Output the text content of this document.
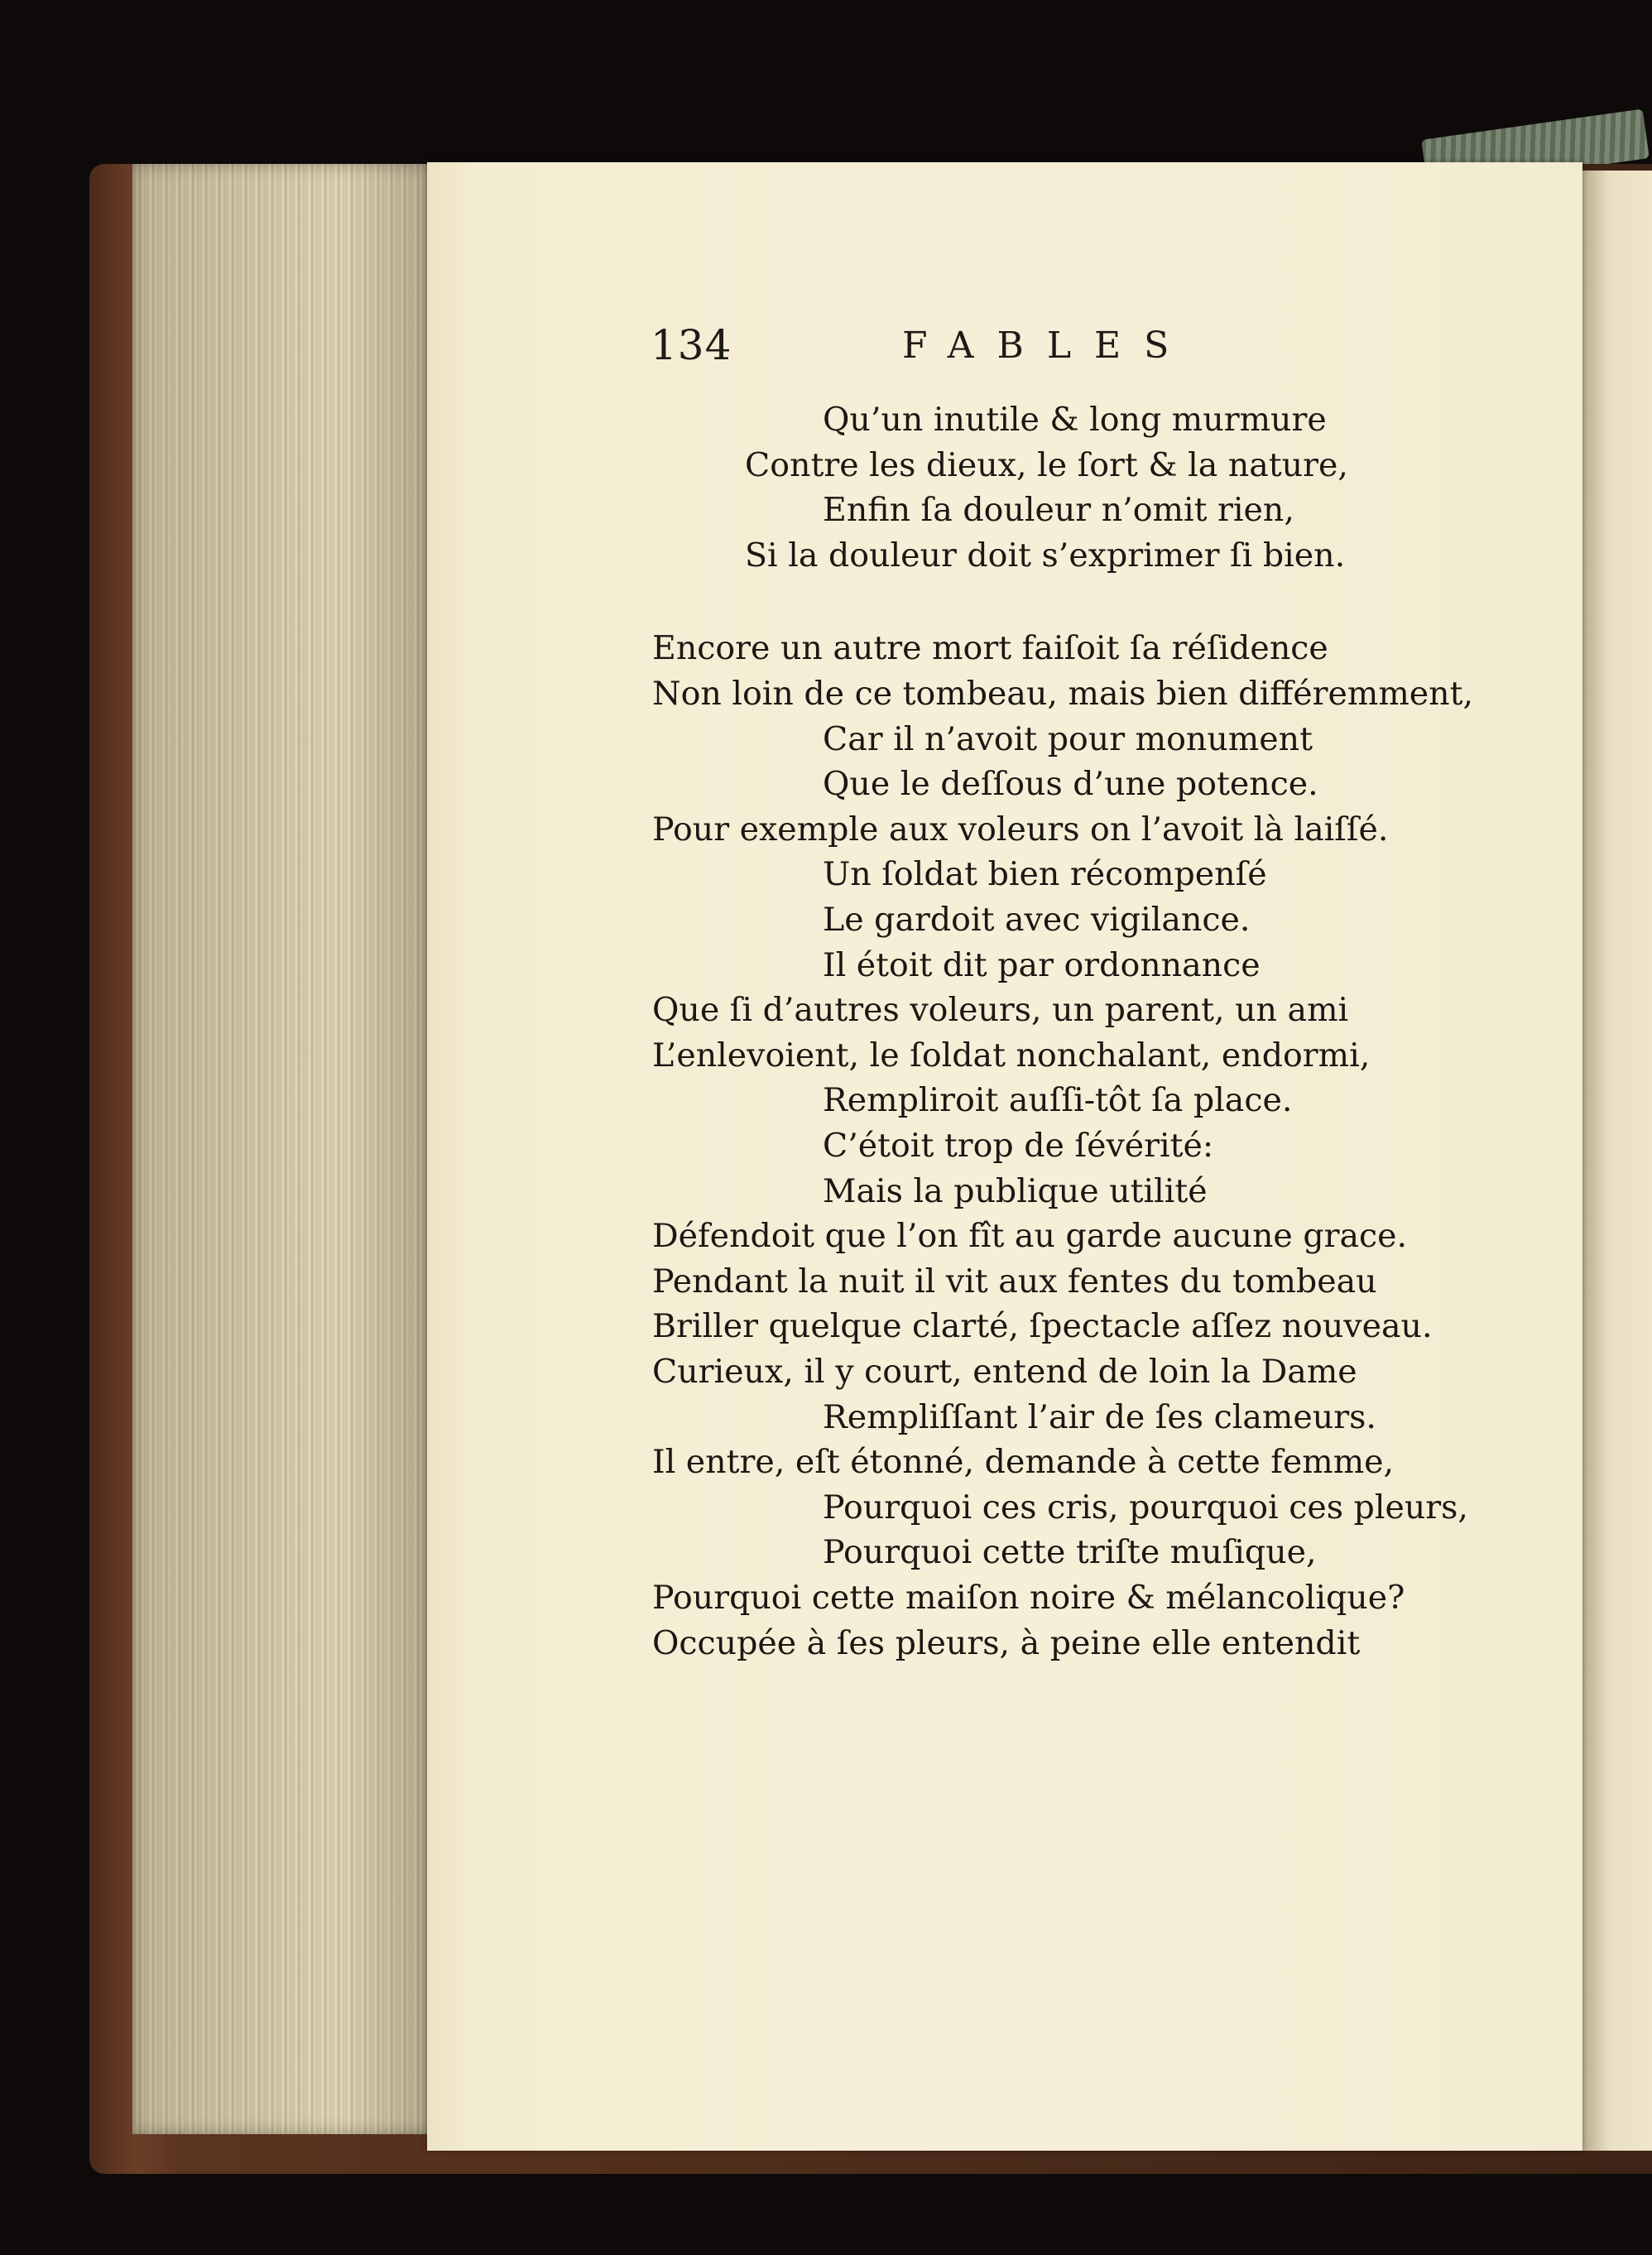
134	FABLES
Qu’un inutile & long murmure
Contre les dieux, le ſort & la nature,
Enfin ſa douleur n’omit rien,
Si la douleur doit s’exprimer ſi bien.
Encore un autre mort faiſoit ſa réſidence
Non loin de ce tombeau, mais bien différemment,
Car il n’avoit pour monument
Que le deſſous d’une potence.
Pour exemple aux voleurs on l’avoit là laiſſé.
Un ſoldat bien récompenſé
Le gardoit avec vigilance.
Il étoit dit par ordonnance
Que ſi d’autres voleurs, un parent, un ami
L’enlevoient, le ſoldat nonchalant, endormi,
Rempliroit auſſi-tôt ſa place.
C’étoit trop de ſévérité:
Mais la publique utilité
Défendoit que l’on fît au garde aucune grace.
Pendant la nuit il vit aux fentes du tombeau
Briller quelque clarté, ſpectacle aſſez nouveau.
Curieux, il y court, entend de loin la Dame
Rempliſſant l’air de ſes clameurs.
Il entre, eſt étonné, demande à cette femme,
Pourquoi ces cris, pourquoi ces pleurs,
Pourquoi cette triſte muſique,
Pourquoi cette maiſon noire & mélancolique?
Occupée à ſes pleurs, à peine elle entendit
